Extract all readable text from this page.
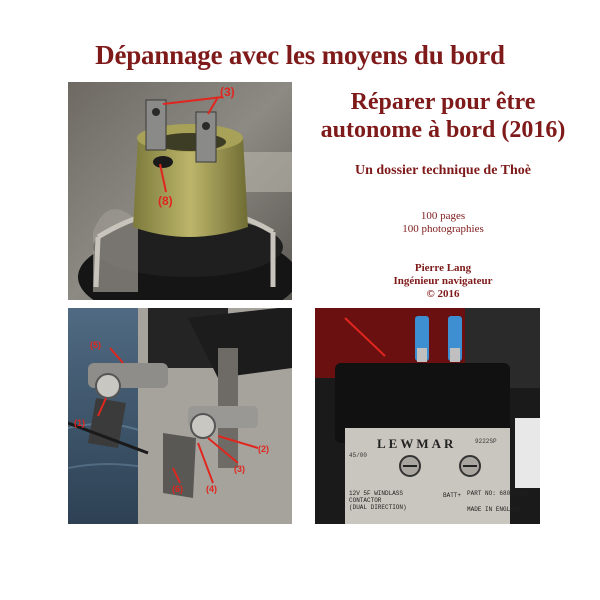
Dépannage avec les moyens du bord
Réparer pour être
autonome à bord (2016)
Un dossier technique de Thoè
100 pages
100 photographies
Pierre Lang
Ingénieur navigateur
© 2016
(3)
(8)
(5)
(1)
(2)
(3)
(4)
(6)
LEWMAR	9222SP
45/00
12V 5F WINDLASS
CONTACTOR
(DUAL DIRECTION)
BATT+ PART NO: 68000318
MADE IN ENGLAND
